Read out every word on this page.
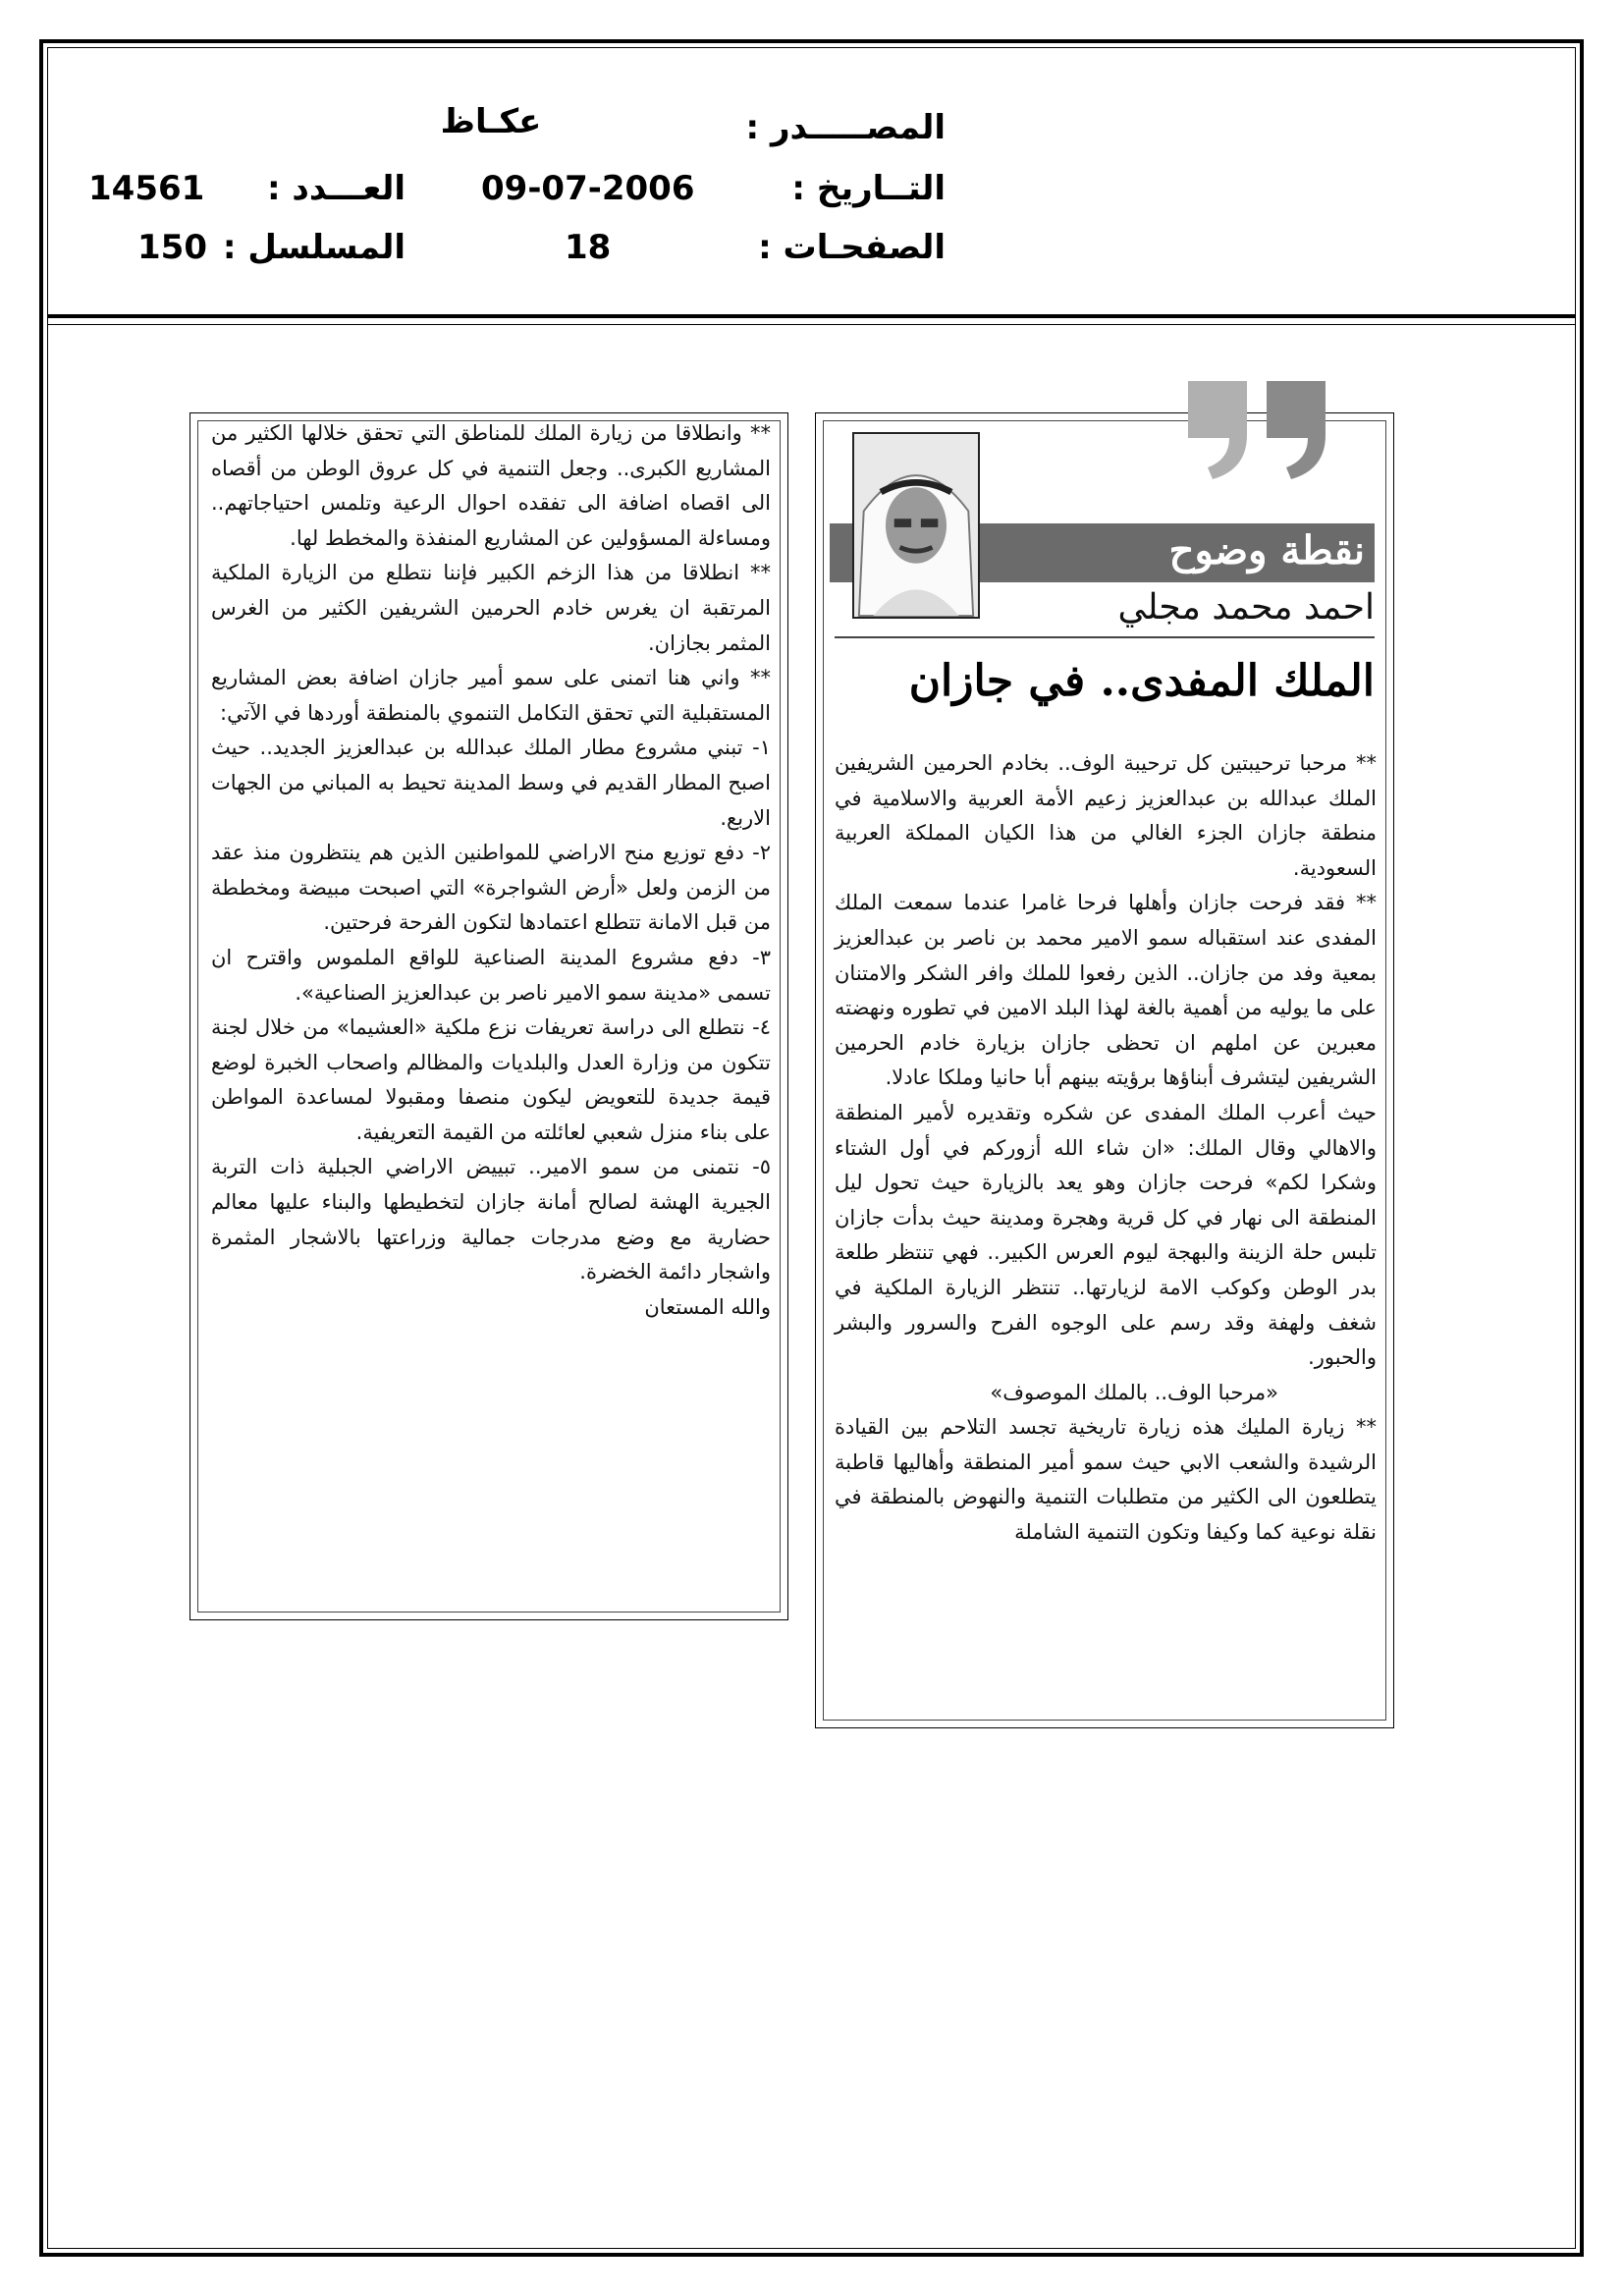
المصـــــدر :
عكـاظ
التــاريخ :
09-07-2006
العـــدد :
14561
الصفحـات :
18
المسلسل :
150
نقطة وضوح
احمد محمد مجلي
الملك المفدى.. في جازان

** مرحبا ترحيبتين كل ترحيبة الوف.. بخادم الحرمين الشريفين الملك عبدالله بن عبدالعزيز زعيم الأمة العربية والاسلامية في منطقة جازان الجزء الغالي من هذا الكيان المملكة العربية السعودية.

** فقد فرحت جازان وأهلها فرحا غامرا عندما سمعت الملك المفدى عند استقباله سمو الامير محمد بن ناصر بن عبدالعزيز بمعية وفد من جازان.. الذين رفعوا للملك وافر الشكر والامتنان على ما يوليه من أهمية بالغة لهذا البلد الامين في تطوره ونهضته معبرين عن املهم ان تحظى جازان بزيارة خادم الحرمين الشريفين ليتشرف أبناؤها برؤيته بينهم أبا حانيا وملكا عادلا.

حيث أعرب الملك المفدى عن شكره وتقديره لأمير المنطقة والاهالي وقال الملك: «ان شاء الله أزوركم في أول الشتاء وشكرا لكم» فرحت جازان وهو يعد بالزيارة حيث تحول ليل المنطقة الى نهار في كل قرية وهجرة ومدينة حيث بدأت جازان تلبس حلة الزينة والبهجة ليوم العرس الكبير.. فهي تنتظر طلعة بدر الوطن وكوكب الامة لزيارتها.. تنتظر الزيارة الملكية في شغف ولهفة وقد رسم على الوجوه الفرح والسرور والبشر والحبور.

«مرحبا الوف.. بالملك الموصوف»

** زيارة المليك هذه زيارة تاريخية تجسد التلاحم بين القيادة الرشيدة والشعب الابي حيث سمو أمير المنطقة وأهاليها قاطبة يتطلعون الى الكثير من متطلبات التنمية والنهوض بالمنطقة في نقلة نوعية كما وكيفا وتكون التنمية الشاملة

** وانطلاقا من زيارة الملك للمناطق التي تحقق خلالها الكثير من المشاريع الكبرى.. وجعل التنمية في كل عروق الوطن من أقصاه الى اقصاه اضافة الى تفقده احوال الرعية وتلمس احتياجاتهم.. ومساءلة المسؤولين عن المشاريع المنفذة والمخطط لها.

** انطلاقا من هذا الزخم الكبير فإننا نتطلع من الزيارة الملكية المرتقبة ان يغرس خادم الحرمين الشريفين الكثير من الغرس المثمر بجازان.

** واني هنا اتمنى على سمو أمير جازان اضافة بعض المشاريع المستقبلية التي تحقق التكامل التنموي بالمنطقة أوردها في الآتي:

١- تبني مشروع مطار الملك عبدالله بن عبدالعزيز الجديد.. حيث اصبح المطار القديم في وسط المدينة تحيط به المباني من الجهات الاربع.

٢- دفع توزيع منح الاراضي للمواطنين الذين هم ينتظرون منذ عقد من الزمن ولعل «أرض الشواجرة» التي اصبحت مبيضة ومخططة من قبل الامانة تتطلع اعتمادها لتكون الفرحة فرحتين.

٣- دفع مشروع المدينة الصناعية للواقع الملموس واقترح ان تسمى «مدينة سمو الامير ناصر بن عبدالعزيز الصناعية».

٤- نتطلع الى دراسة تعريفات نزع ملكية «العشيما» من خلال لجنة تتكون من وزارة العدل والبلديات والمظالم واصحاب الخبرة لوضع قيمة جديدة للتعويض ليكون منصفا ومقبولا لمساعدة المواطن على بناء منزل شعبي لعائلته من القيمة التعريفية.

٥- نتمنى من سمو الامير.. تبييض الاراضي الجبلية ذات التربة الجيرية الهشة لصالح أمانة جازان لتخطيطها والبناء عليها معالم حضارية مع وضع مدرجات جمالية وزراعتها بالاشجار المثمرة واشجار دائمة الخضرة.

والله المستعان
